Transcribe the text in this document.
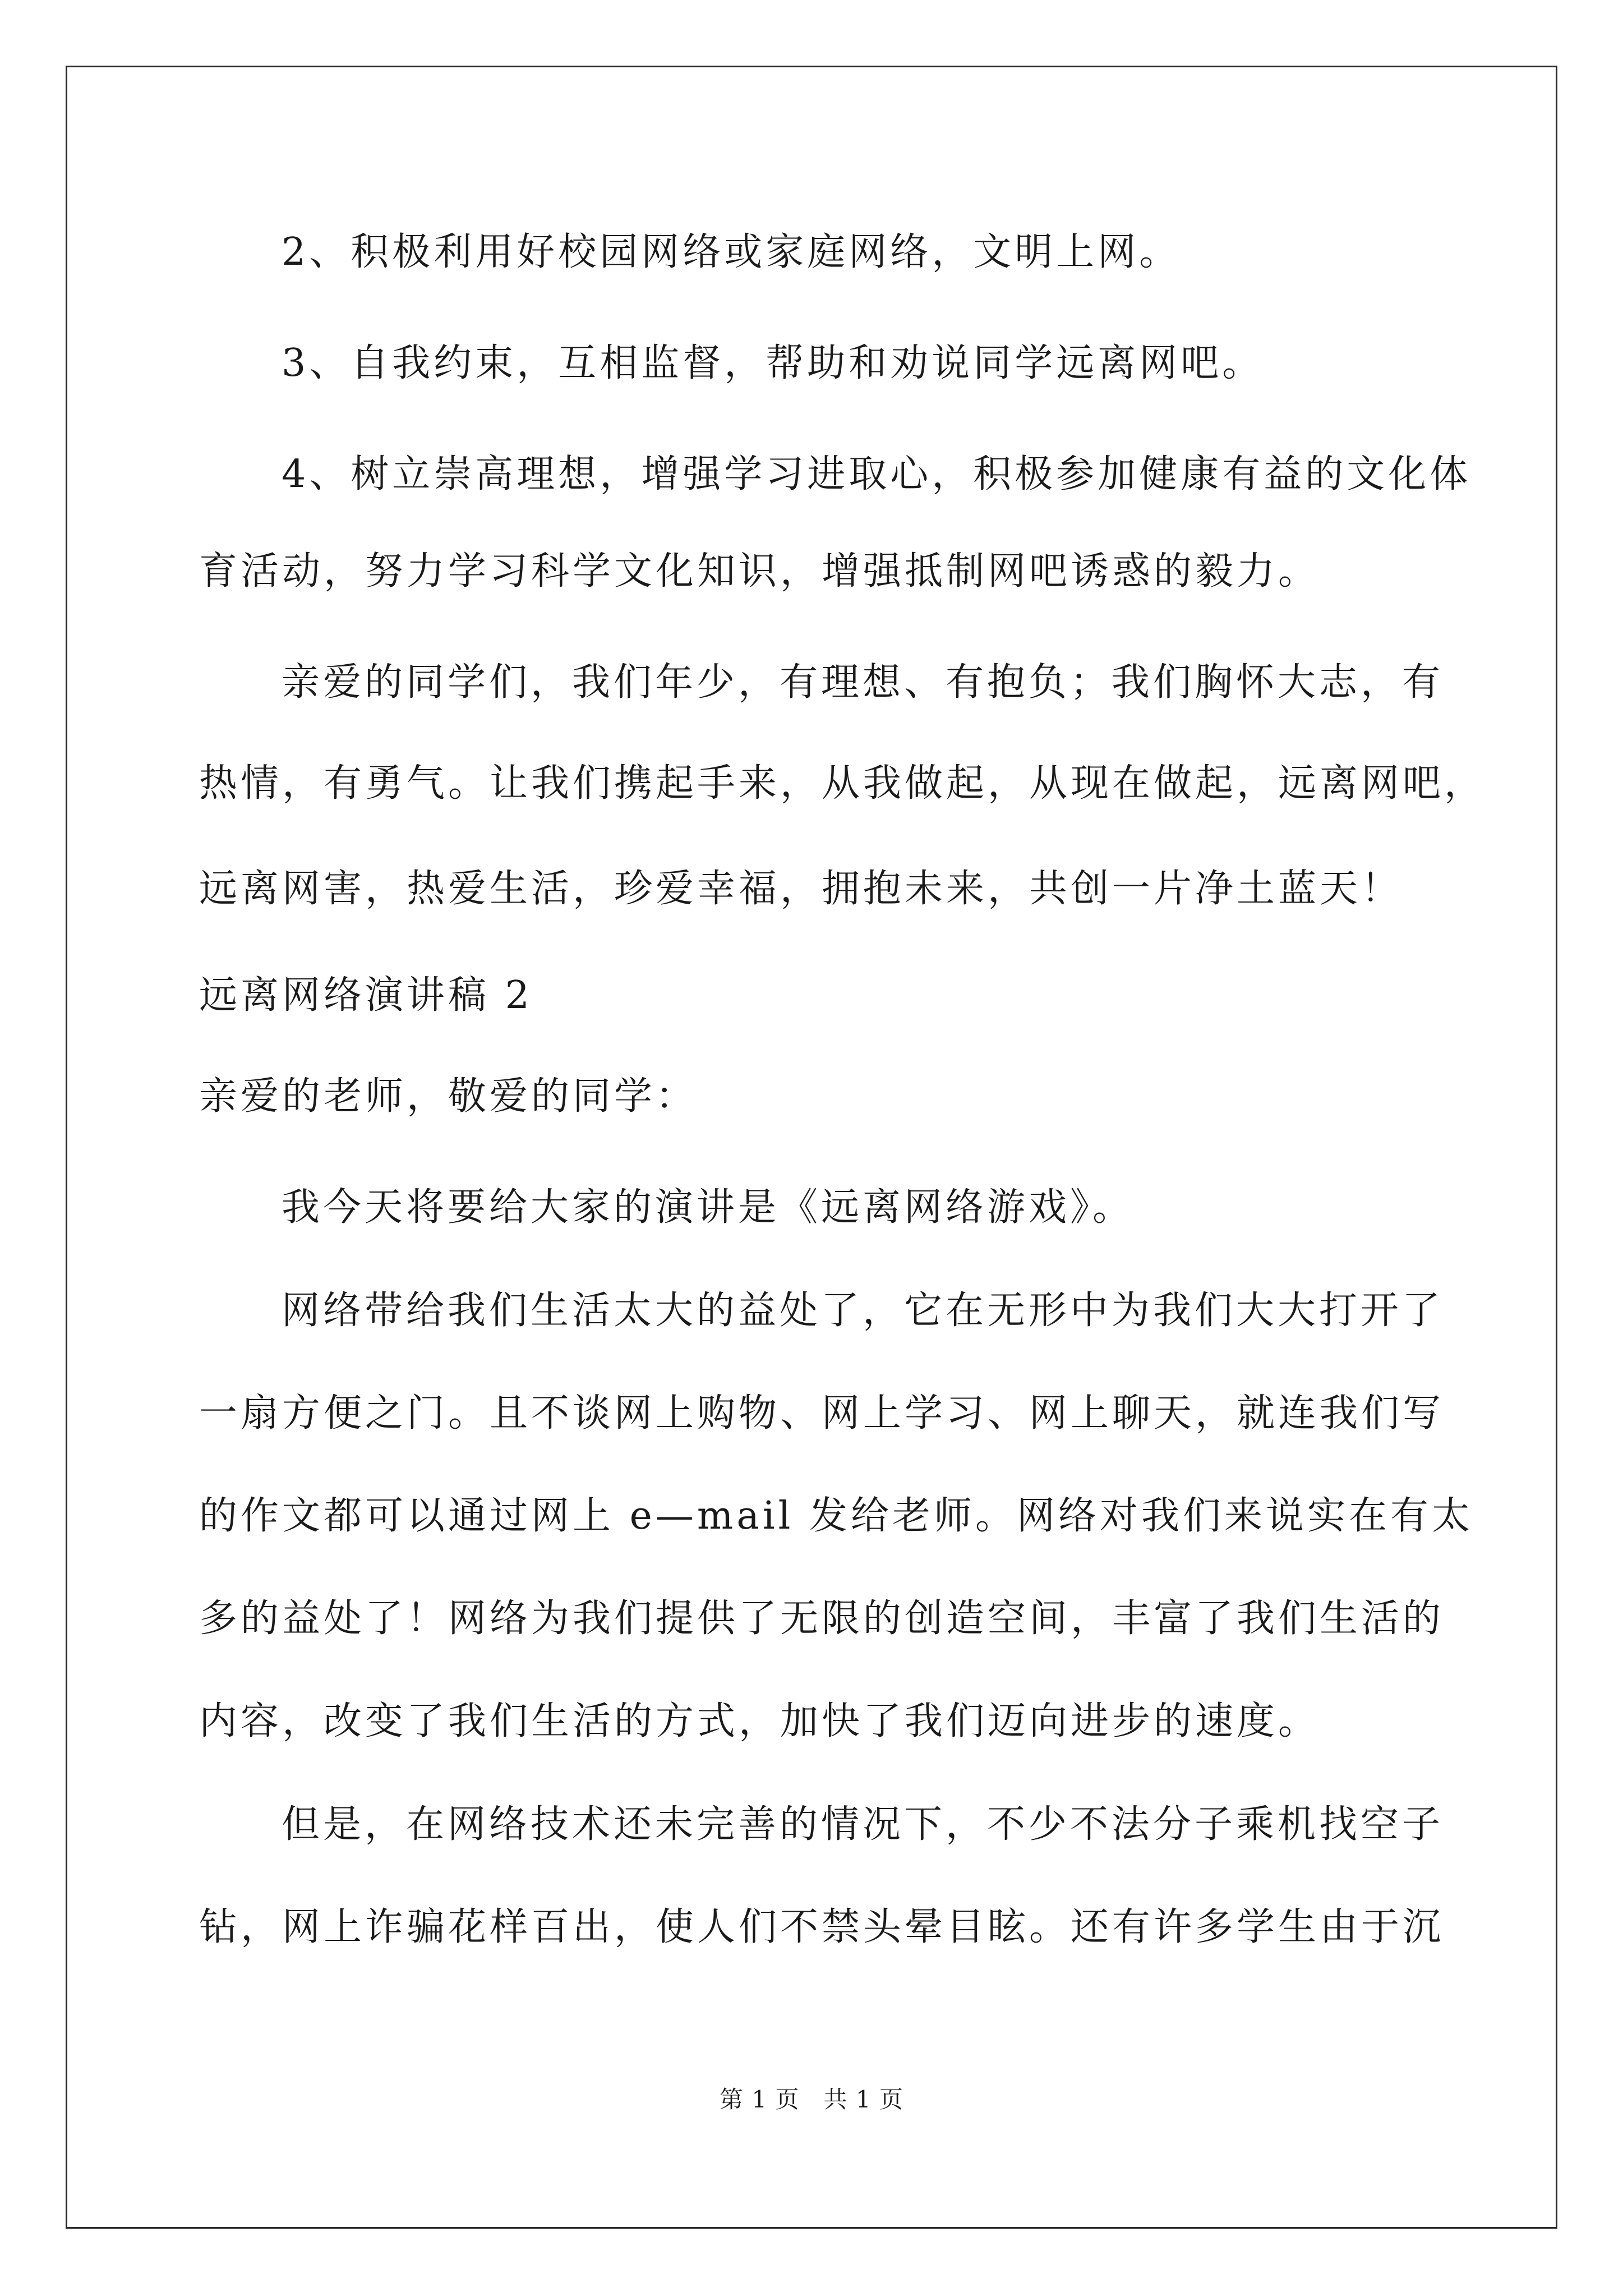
2、积极利用好校园网络或家庭网络，文明上网。
3、自我约束，互相监督，帮助和劝说同学远离网吧。
4、树立崇高理想，增强学习进取心，积极参加健康有益的文化体
育活动，努力学习科学文化知识，增强抵制网吧诱惑的毅力。
亲爱的同学们，我们年少，有理想、有抱负；我们胸怀大志，有
热情，有勇气。让我们携起手来，从我做起，从现在做起，远离网吧，
远离网害，热爱生活，珍爱幸福，拥抱未来，共创一片净土蓝天！
远离网络演讲稿 2
亲爱的老师，敬爱的同学：
我今天将要给大家的演讲是《远离网络游戏》。
网络带给我们生活太大的益处了，它在无形中为我们大大打开了
一扇方便之门。且不谈网上购物、网上学习、网上聊天，就连我们写
的作文都可以通过网上 e—mail 发给老师。网络对我们来说实在有太
多的益处了！网络为我们提供了无限的创造空间，丰富了我们生活的
内容，改变了我们生活的方式，加快了我们迈向进步的速度。
但是，在网络技术还未完善的情况下，不少不法分子乘机找空子
钻，网上诈骗花样百出，使人们不禁头晕目眩。还有许多学生由于沉
第 1 页   共 1 页
